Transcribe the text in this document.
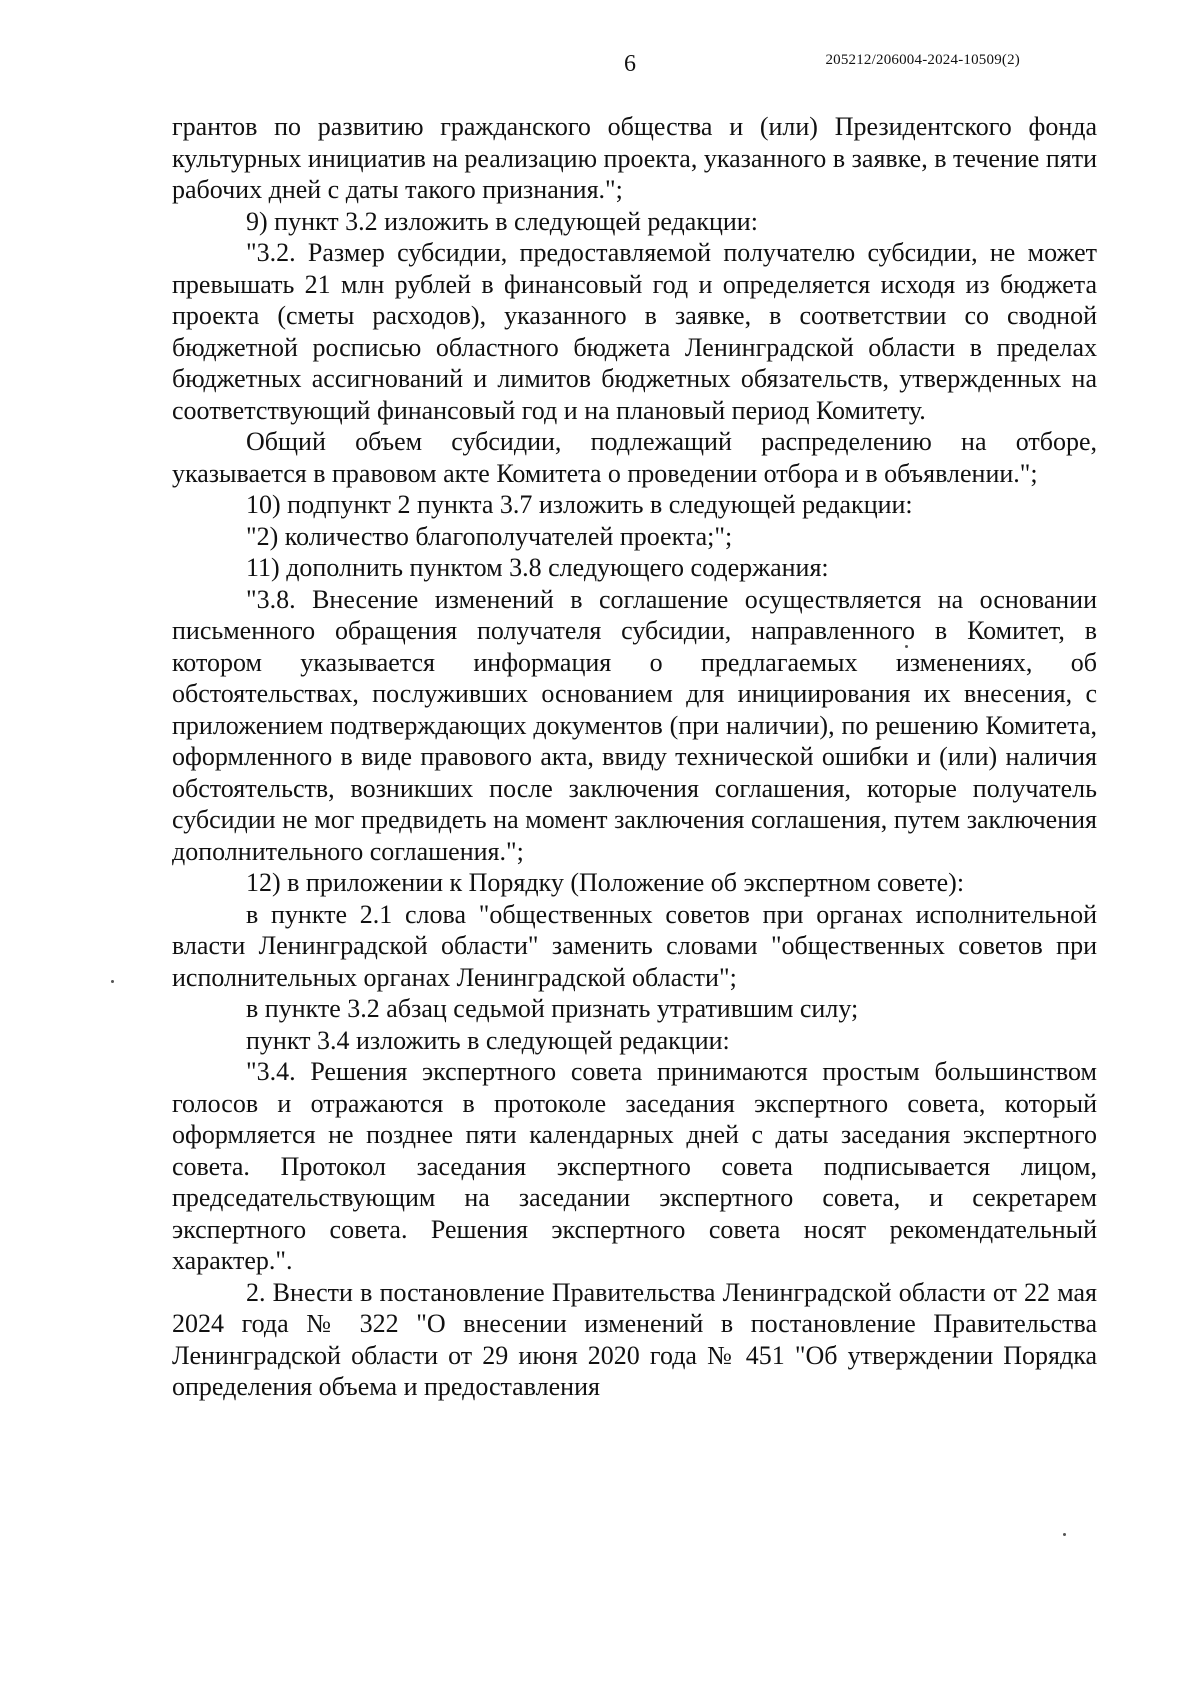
6	205212/206004-2024-10509(2)

грантов по развитию гражданского общества и (или) Президентского фонда культурных инициатив на реализацию проекта, указанного в заявке, в течение пяти рабочих дней с даты такого признания.";

9) пункт 3.2 изложить в следующей редакции:

"3.2. Размер субсидии, предоставляемой получателю субсидии, не может превышать 21 млн рублей в финансовый год и определяется исходя из бюджета проекта (сметы расходов), указанного в заявке, в соответствии со сводной бюджетной росписью областного бюджета Ленинградской области в пределах бюджетных ассигнований и лимитов бюджетных обязательств, утвержденных на соответствующий финансовый год и на плановый период Комитету.

Общий объем субсидии, подлежащий распределению на отборе, указывается в правовом акте Комитета о проведении отбора и в объявлении.";

10) подпункт 2 пункта 3.7 изложить в следующей редакции:

"2) количество благополучателей проекта;";

11) дополнить пунктом 3.8 следующего содержания:

"3.8. Внесение изменений в соглашение осуществляется на основании письменного обращения получателя субсидии, направленного в Комитет, в котором указывается информация о предлагаемых изменениях, об обстоятельствах, послуживших основанием для инициирования их внесения, с приложением подтверждающих документов (при наличии), по решению Комитета, оформленного в виде правового акта, ввиду технической ошибки и (или) наличия обстоятельств, возникших после заключения соглашения, которые получатель субсидии не мог предвидеть на момент заключения соглашения, путем заключения дополнительного соглашения.";

12) в приложении к Порядку (Положение об экспертном совете):

в пункте 2.1 слова "общественных советов при органах исполнительной власти Ленинградской области" заменить словами "общественных советов при исполнительных органах Ленинградской области";

в пункте 3.2 абзац седьмой признать утратившим силу;

пункт 3.4 изложить в следующей редакции:

"3.4. Решения экспертного совета принимаются простым большинством голосов и отражаются в протоколе заседания экспертного совета, который оформляется не позднее пяти календарных дней с даты заседания экспертного совета. Протокол заседания экспертного совета подписывается лицом, председательствующим на заседании экспертного совета, и секретарем экспертного совета. Решения экспертного совета носят рекомендательный характер.".

2. Внести в постановление Правительства Ленинградской области от 22 мая 2024 года № 322 "О внесении изменений в постановление Правительства Ленинградской области от 29 июня 2020 года № 451 "Об утверждении Порядка определения объема и предоставления
